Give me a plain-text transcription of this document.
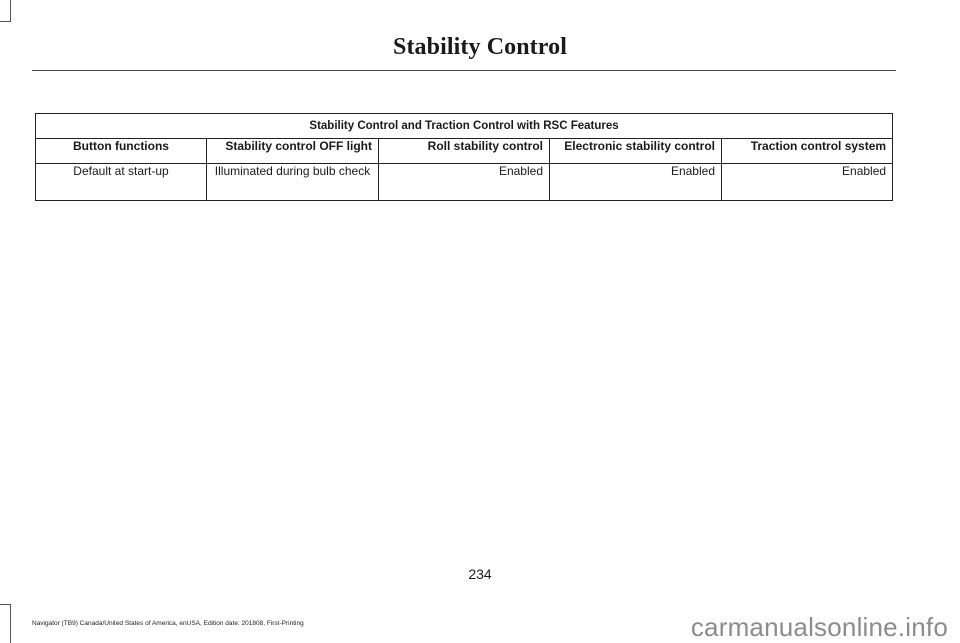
Stability Control
Stability Control and Traction Control with RSC Features				
Button functions	Stability control OFF light	Roll stability control	Electronic stability control	Traction control system
Default at start-up	Illuminated during bulb check	Enabled	Enabled	Enabled
234
Navigator (TB9) Canada/United States of America, enUSA, Edition date: 201808, First-Printing	carmanualsonline.info
